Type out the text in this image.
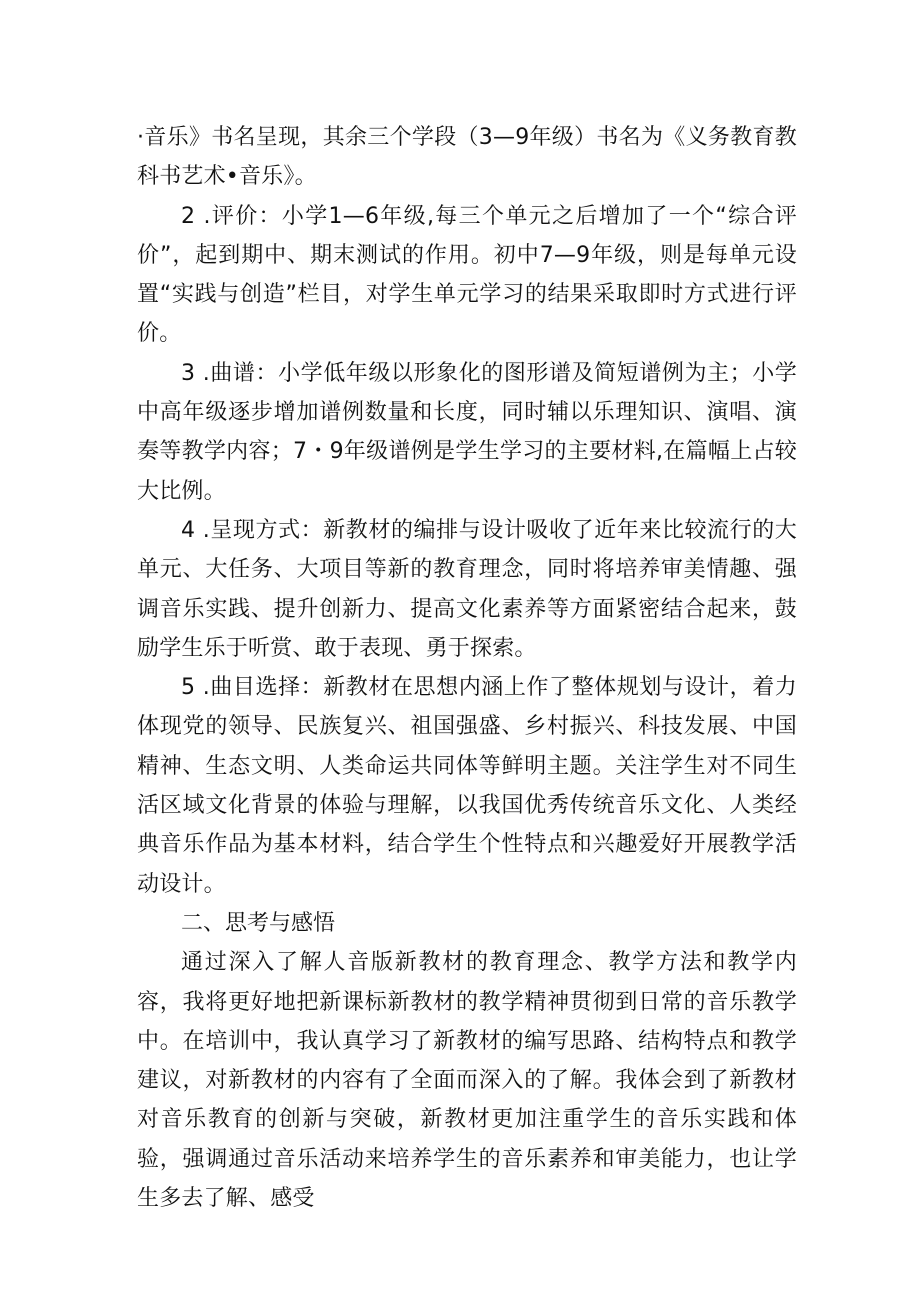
·音乐》书名呈现，其余三个学段（3—9年级）书名为《义务教育教科书艺术•音乐》。

2 .评价：小学1—6年级,每三个单元之后增加了一个“综合评价”，起到期中、期末测试的作用。初中7—9年级，则是每单元设置“实践与创造”栏目，对学生单元学习的结果采取即时方式进行评价。

3 .曲谱：小学低年级以形象化的图形谱及简短谱例为主；小学中高年级逐步增加谱例数量和长度，同时辅以乐理知识、演唱、演奏等教学内容；7・9年级谱例是学生学习的主要材料,在篇幅上占较大比例。

4 .呈现方式：新教材的编排与设计吸收了近年来比较流行的大单元、大任务、大项目等新的教育理念，同时将培养审美情趣、强调音乐实践、提升创新力、提高文化素养等方面紧密结合起来，鼓励学生乐于听赏、敢于表现、勇于探索。

5 .曲目选择：新教材在思想内涵上作了整体规划与设计，着力体现党的领导、民族复兴、祖国强盛、乡村振兴、科技发展、中国精神、生态文明、人类命运共同体等鲜明主题。关注学生对不同生活区域文化背景的体验与理解，以我国优秀传统音乐文化、人类经典音乐作品为基本材料，结合学生个性特点和兴趣爱好开展教学活动设计。

二、思考与感悟

通过深入了解人音版新教材的教育理念、教学方法和教学内容，我将更好地把新课标新教材的教学精神贯彻到日常的音乐教学中。在培训中，我认真学习了新教材的编写思路、结构特点和教学建议，对新教材的内容有了全面而深入的了解。我体会到了新教材对音乐教育的创新与突破，新教材更加注重学生的音乐实践和体验，强调通过音乐活动来培养学生的音乐素养和审美能力，也让学生多去了解、感受
